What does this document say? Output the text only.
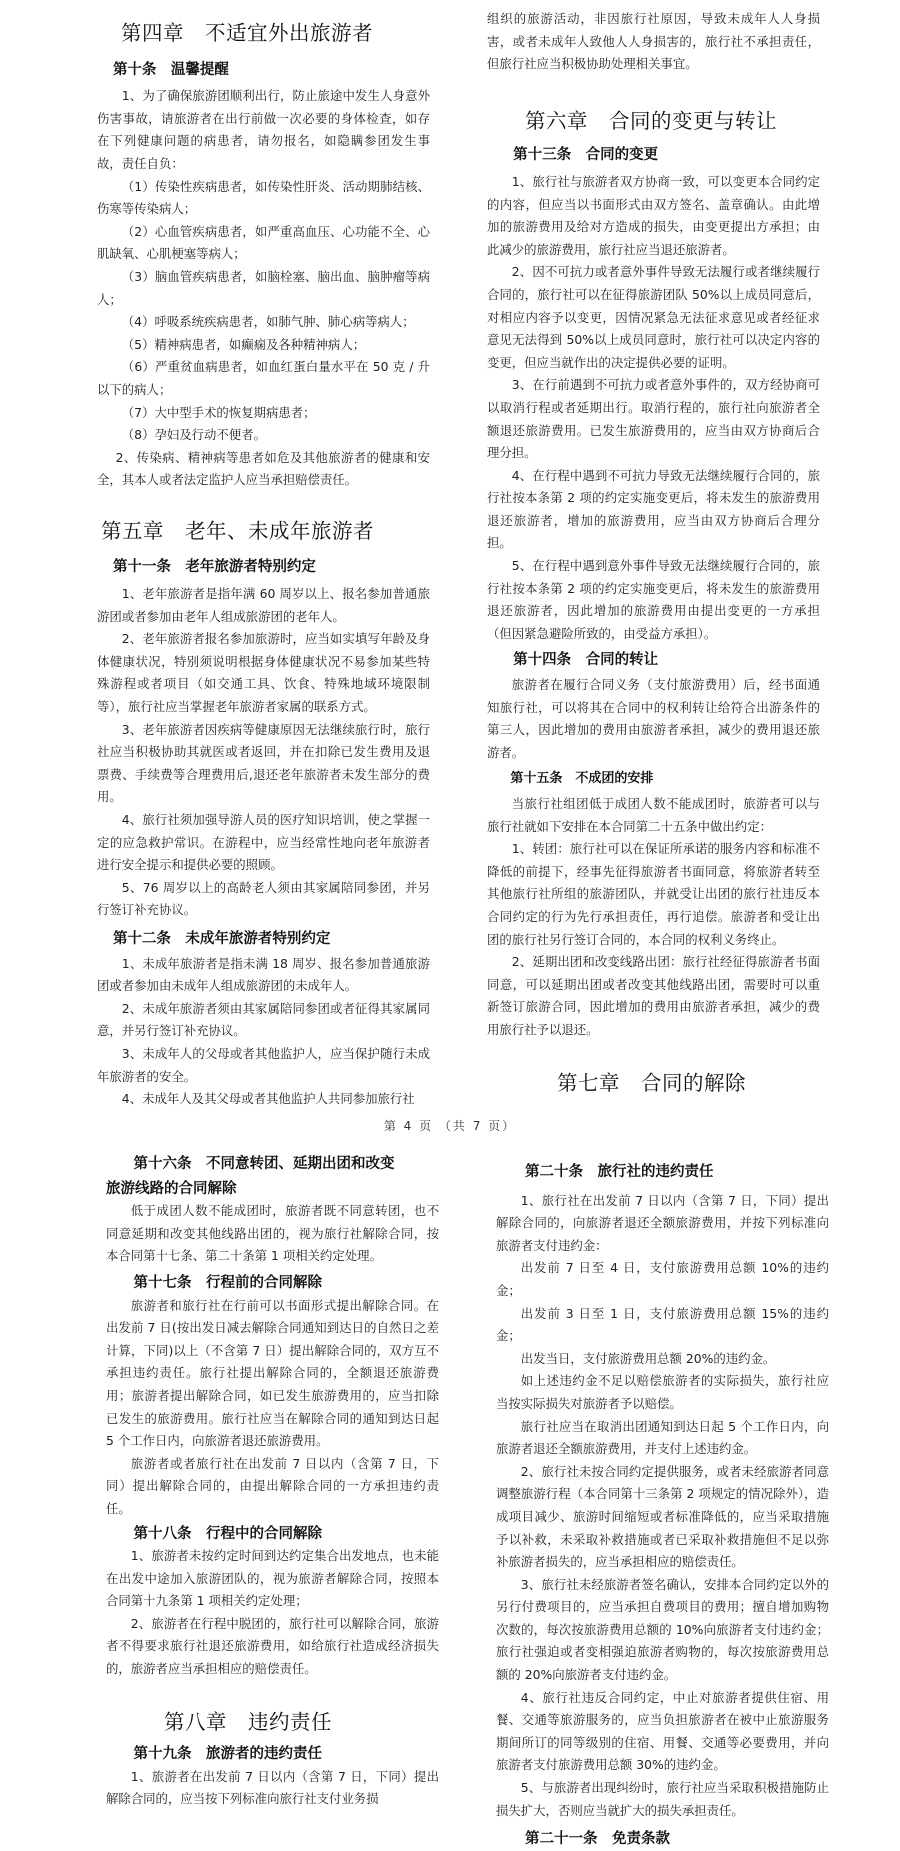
第四章　不适宜外出旅游者
第十条　温馨提醒

1、为了确保旅游团顺利出行，防止旅途中发生人身意外伤害事故，请旅游者在出行前做一次必要的身体检查，如存在下列健康问题的病患者，请勿报名，如隐瞒参团发生事故，责任自负：

（1）传染性疾病患者，如传染性肝炎、活动期肺结核、伤寒等传染病人；

（2）心血管疾病患者，如严重高血压、心功能不全、心肌缺氧、心肌梗塞等病人；

（3）脑血管疾病患者，如脑栓塞、脑出血、脑肿瘤等病人；

（4）呼吸系统疾病患者，如肺气肿、肺心病等病人；

（5）精神病患者，如癫痫及各种精神病人；

（6）严重贫血病患者，如血红蛋白量水平在 50 克 / 升以下的病人；

（7）大中型手术的恢复期病患者；

（8）孕妇及行动不便者。

2、传染病、精神病等患者如危及其他旅游者的健康和安全，其本人或者法定监护人应当承担赔偿责任。

第五章　老年、未成年旅游者
第十一条　老年旅游者特别约定

1、老年旅游者是指年满 60 周岁以上、报名参加普通旅游团或者参加由老年人组成旅游团的老年人。

2、老年旅游者报名参加旅游时，应当如实填写年龄及身体健康状况，特别须说明根据身体健康状况不易参加某些特殊游程或者项目（如交通工具、饮食、特殊地域环境限制等），旅行社应当掌握老年旅游者家属的联系方式。

3、老年旅游者因疾病等健康原因无法继续旅行时，旅行社应当积极协助其就医或者返回，并在扣除已发生费用及退票费、手续费等合理费用后,退还老年旅游者未发生部分的费用。

4、旅行社须加强导游人员的医疗知识培训，使之掌握一定的应急救护常识。在游程中，应当经常性地向老年旅游者进行安全提示和提供必要的照顾。

5、76 周岁以上的高龄老人须由其家属陪同参团，并另行签订补充协议。

第十二条　未成年旅游者特别约定

1、未成年旅游者是指未满 18 周岁、报名参加普通旅游团或者参加由未成年人组成旅游团的未成年人。

2、未成年旅游者须由其家属陪同参团或者征得其家属同意，并另行签订补充协议。

3、未成年人的父母或者其他监护人，应当保护随行未成年旅游者的安全。

4、未成年人及其父母或者其他监护人共同参加旅行社

组织的旅游活动，非因旅行社原因，导致未成年人人身损害，或者未成年人致他人人身损害的，旅行社不承担责任，但旅行社应当积极协助处理相关事宜。

第六章　合同的变更与转让
第十三条　合同的变更

1、旅行社与旅游者双方协商一致，可以变更本合同约定的内容，但应当以书面形式由双方签名、盖章确认。由此增加的旅游费用及给对方造成的损失，由变更提出方承担；由此减少的旅游费用，旅行社应当退还旅游者。

2、因不可抗力或者意外事件导致无法履行或者继续履行合同的，旅行社可以在征得旅游团队 50%以上成员同意后，对相应内容予以变更，因情况紧急无法征求意见或者经征求意见无法得到 50%以上成员同意时，旅行社可以决定内容的变更，但应当就作出的决定提供必要的证明。

3、在行前遇到不可抗力或者意外事件的，双方经协商可以取消行程或者延期出行。取消行程的，旅行社向旅游者全额退还旅游费用。已发生旅游费用的，应当由双方协商后合理分担。

4、在行程中遇到不可抗力导致无法继续履行合同的，旅行社按本条第 2 项的约定实施变更后，将未发生的旅游费用退还旅游者，增加的旅游费用，应当由双方协商后合理分担。

5、在行程中遇到意外事件导致无法继续履行合同的，旅行社按本条第 2 项的约定实施变更后，将未发生的旅游费用退还旅游者，因此增加的旅游费用由提出变更的一方承担（但因紧急避险所致的，由受益方承担）。

第十四条　合同的转让

旅游者在履行合同义务（支付旅游费用）后，经书面通知旅行社，可以将其在合同中的权利转让给符合出游条件的第三人，因此增加的费用由旅游者承担，减少的费用退还旅游者。

第十五条　不成团的安排

当旅行社组团低于成团人数不能成团时，旅游者可以与旅行社就如下安排在本合同第二十五条中做出约定：

1、转团：旅行社可以在保证所承诺的服务内容和标准不降低的前提下，经事先征得旅游者书面同意，将旅游者转至其他旅行社所组的旅游团队，并就受让出团的旅行社违反本合同约定的行为先行承担责任，再行追偿。旅游者和受让出团的旅行社另行签订合同的，本合同的权利义务终止。

2、延期出团和改变线路出团：旅行社经征得旅游者书面同意，可以延期出团或者改变其他线路出团，需要时可以重新签订旅游合同，因此增加的费用由旅游者承担，减少的费用旅行社予以退还。

第七章　合同的解除
第 4 页 （共 7 页）
第十六条　不同意转团、延期出团和改变
旅游线路的合同解除

低于成团人数不能成团时，旅游者既不同意转团，也不同意延期和改变其他线路出团的，视为旅行社解除合同，按本合同第十七条、第二十条第 1 项相关约定处理。

第十七条　行程前的合同解除

旅游者和旅行社在行前可以书面形式提出解除合同。在出发前 7 日(按出发日减去解除合同通知到达日的自然日之差计算，下同)以上（不含第 7 日）提出解除合同的，双方互不承担违约责任。旅行社提出解除合同的，全额退还旅游费用；旅游者提出解除合同，如已发生旅游费用的，应当扣除已发生的旅游费用。旅行社应当在解除合同的通知到达日起 5 个工作日内，向旅游者退还旅游费用。

旅游者或者旅行社在出发前 7 日以内（含第 7 日，下同）提出解除合同的，由提出解除合同的一方承担违约责任。

第十八条　行程中的合同解除

1、旅游者未按约定时间到达约定集合出发地点，也未能在出发中途加入旅游团队的，视为旅游者解除合同，按照本合同第十九条第 1 项相关约定处理；

2、旅游者在行程中脱团的，旅行社可以解除合同，旅游者不得要求旅行社退还旅游费用，如给旅行社造成经济损失的，旅游者应当承担相应的赔偿责任。

第八章　违约责任
第十九条　旅游者的违约责任

1、旅游者在出发前 7 日以内（含第 7 日，下同）提出解除合同的，应当按下列标准向旅行社支付业务损

第二十条　旅行社的违约责任

1、旅行社在出发前 7 日以内（含第 7 日，下同）提出解除合同的，向旅游者退还全额旅游费用，并按下列标准向旅游者支付违约金：

出发前 7 日至 4 日，支付旅游费用总额 10%的违约金；

出发前 3 日至 1 日，支付旅游费用总额 15%的违约金；

出发当日，支付旅游费用总额 20%的违约金。

如上述违约金不足以赔偿旅游者的实际损失，旅行社应当按实际损失对旅游者予以赔偿。

旅行社应当在取消出团通知到达日起 5 个工作日内，向旅游者退还全额旅游费用，并支付上述违约金。

2、旅行社未按合同约定提供服务，或者未经旅游者同意调整旅游行程（本合同第十三条第 2 项规定的情况除外），造成项目减少、旅游时间缩短或者标准降低的，应当采取措施予以补救，未采取补救措施或者已采取补救措施但不足以弥补旅游者损失的，应当承担相应的赔偿责任。

3、旅行社未经旅游者签名确认，安排本合同约定以外的另行付费项目的，应当承担自费项目的费用；擅自增加购物次数的，每次按旅游费用总额的 10%向旅游者支付违约金；旅行社强迫或者变相强迫旅游者购物的，每次按旅游费用总额的 20%向旅游者支付违约金。

4、旅行社违反合同约定，中止对旅游者提供住宿、用餐、交通等旅游服务的，应当负担旅游者在被中止旅游服务期间所订的同等级别的住宿、用餐、交通等必要费用，并向旅游者支付旅游费用总额 30%的违约金。

5、与旅游者出现纠纷时，旅行社应当采取积极措施防止损失扩大，否则应当就扩大的损失承担责任。

第二十一条　免责条款
